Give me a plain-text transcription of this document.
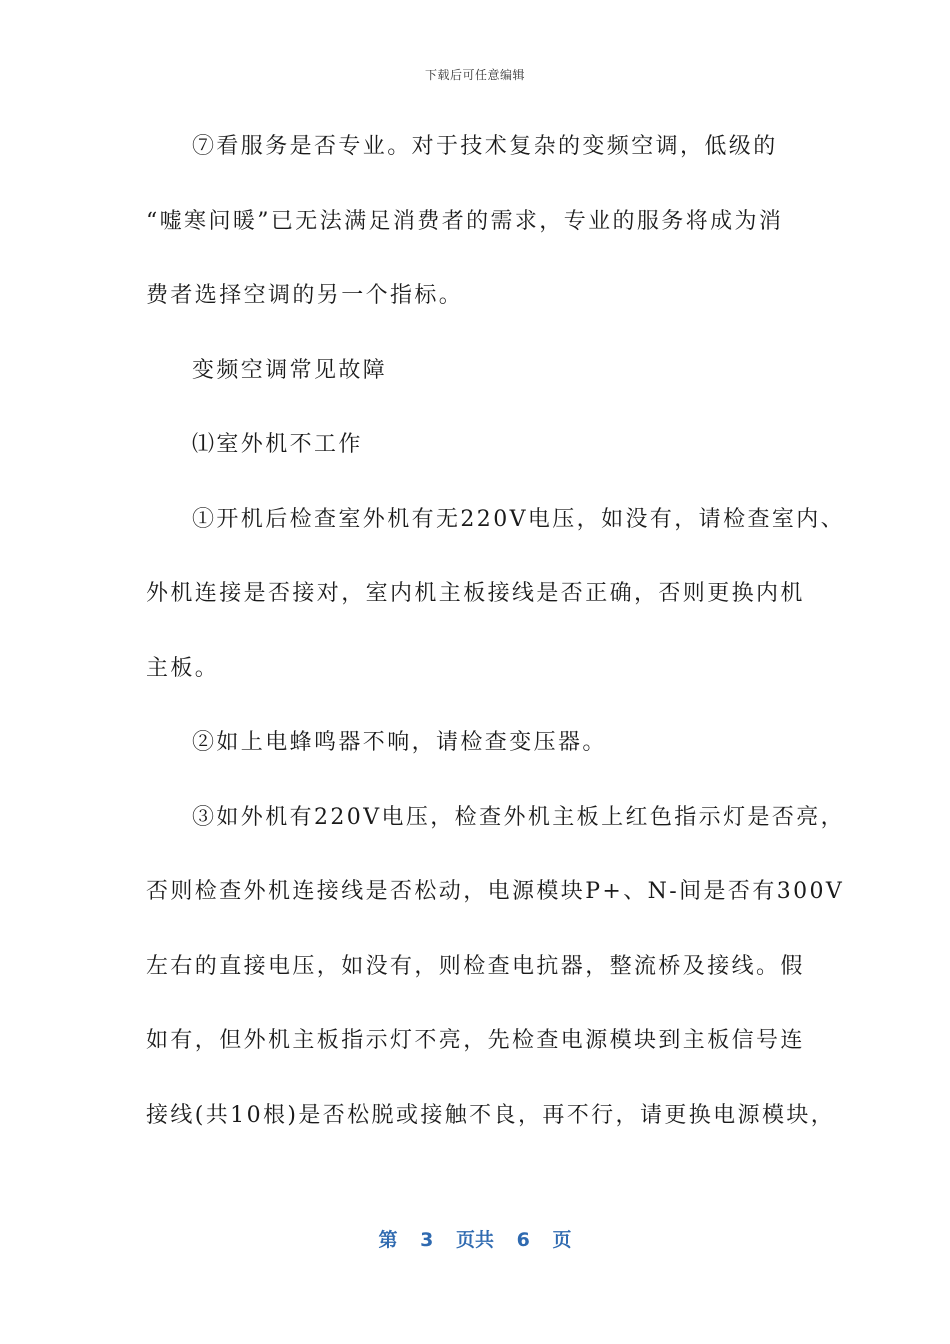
下载后可任意编辑
⑦看服务是否专业。对于技术复杂的变频空调，低级的
“嘘寒问暖”已无法满足消费者的需求，专业的服务将成为消
费者选择空调的另一个指标。
变频空调常见故障
⑴室外机不工作
①开机后检查室外机有无220V电压，如没有，请检查室内、
外机连接是否接对，室内机主板接线是否正确，否则更换内机
主板。
②如上电蜂鸣器不响，请检查变压器。
③如外机有220V电压，检查外机主板上红色指示灯是否亮，
否则检查外机连接线是否松动，电源模块P+、N-间是否有300V
左右的直接电压，如没有，则检查电抗器，整流桥及接线。假
如有，但外机主板指示灯不亮，先检查电源模块到主板信号连
接线(共10根)是否松脱或接触不良，再不行，请更换电源模块，
第 3 页共 6 页
